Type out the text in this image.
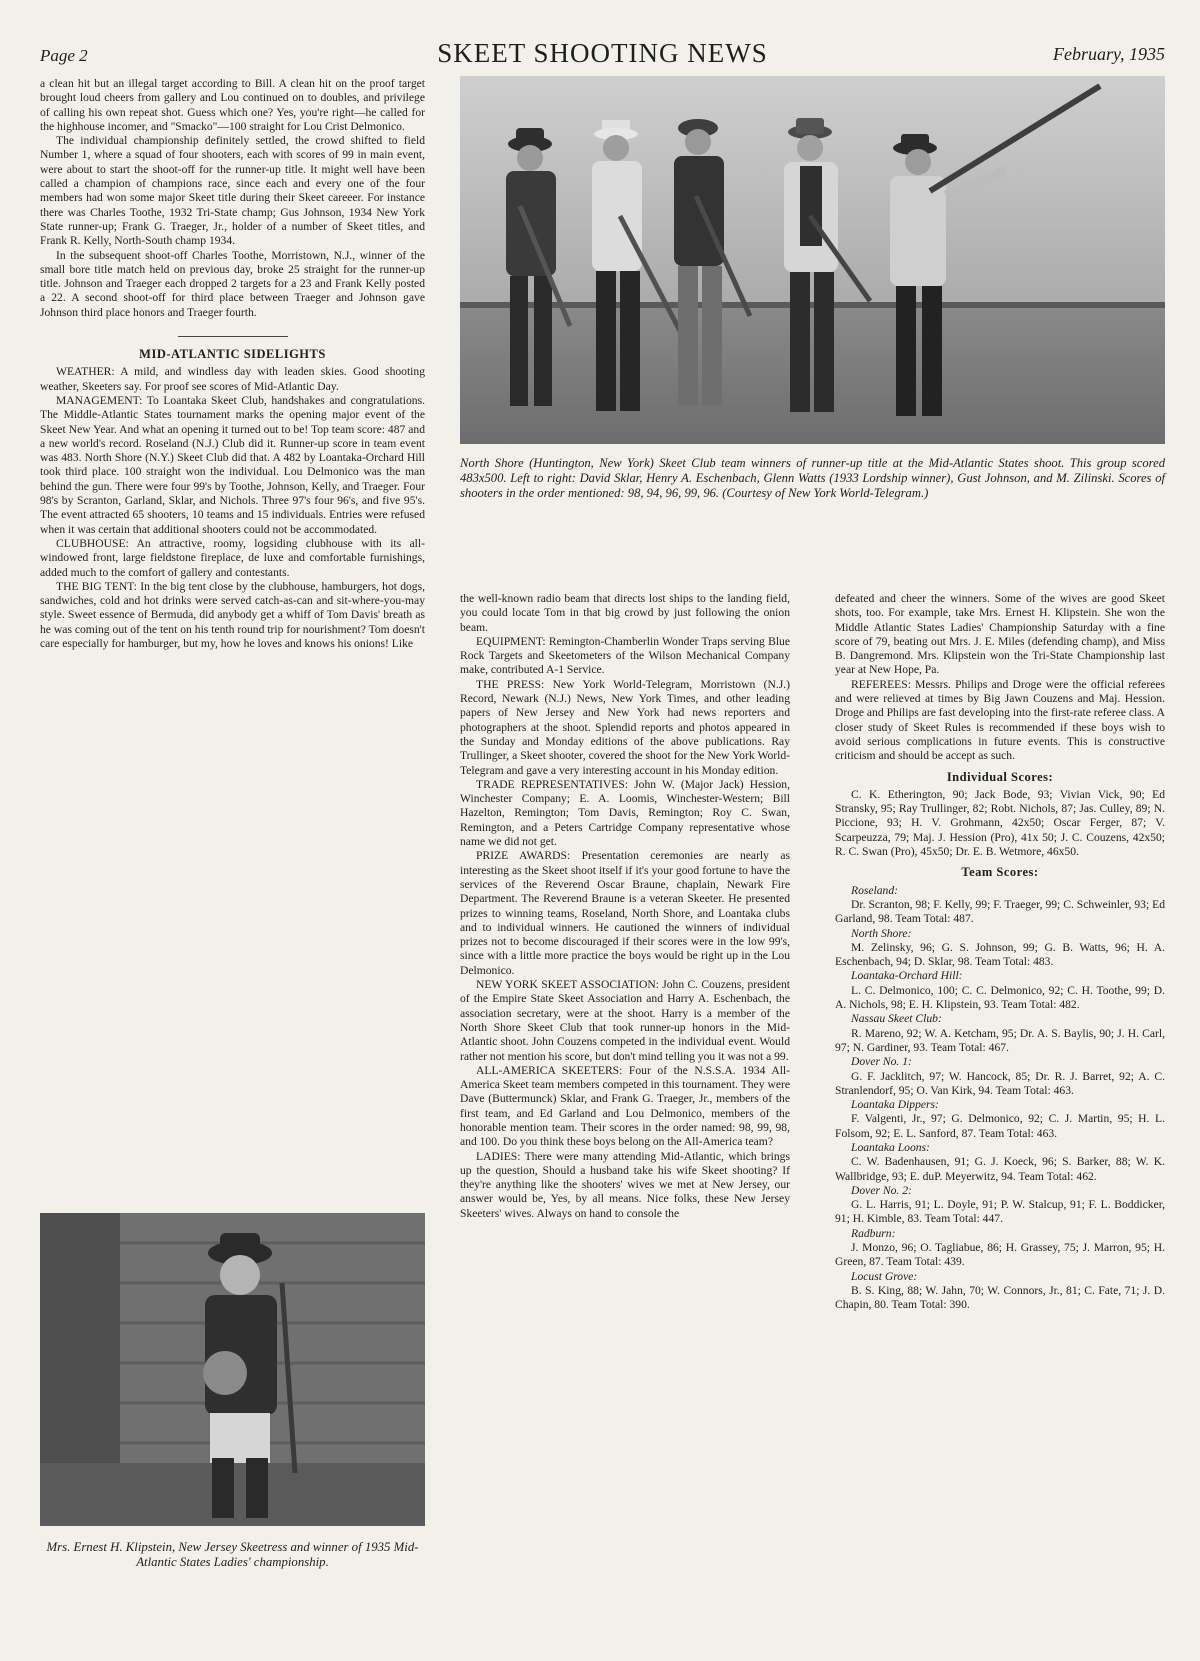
Page 2	SKEET SHOOTING NEWS	February, 1935

a clean hit but an illegal target according to Bill. A clean hit on the proof target brought loud cheers from gallery and Lou continued on to doubles, and privilege of calling his own repeat shot. Guess which one? Yes, you're right—he called for the highhouse incomer, and "Smacko"—100 straight for Lou Crist Delmonico.

The individual championship definitely settled, the crowd shifted to field Number 1, where a squad of four shooters, each with scores of 99 in main event, were about to start the shoot-off for the runner-up title. It might well have been called a champion of champions race, since each and every one of the four members had won some major Skeet title during their Skeet careeer. For instance there was Charles Toothe, 1932 Tri-State champ; Gus Johnson, 1934 New York State runner-up; Frank G. Traeger, Jr., holder of a number of Skeet titles, and Frank R. Kelly, North-South champ 1934.

In the subsequent shoot-off Charles Toothe, Morristown, N.J., winner of the small bore title match held on previous day, broke 25 straight for the runner-up title. Johnson and Traeger each dropped 2 targets for a 23 and Frank Kelly posted a 22. A second shoot-off for third place between Traeger and Johnson gave Johnson third place honors and Traeger fourth.

MID-ATLANTIC SIDELIGHTS

WEATHER: A mild, and windless day with leaden skies. Good shooting weather, Skeeters say. For proof see scores of Mid-Atlantic Day.

MANAGEMENT: To Loantaka Skeet Club, handshakes and congratulations. The Middle-Atlantic States tournament marks the opening major event of the Skeet New Year. And what an opening it turned out to be! Top team score: 487 and a new world's record. Roseland (N.J.) Club did it. Runner-up score in team event was 483. North Shore (N.Y.) Skeet Club did that. A 482 by Loantaka-Orchard Hill took third place. 100 straight won the individual. Lou Delmonico was the man behind the gun. There were four 99's by Toothe, Johnson, Kelly, and Traeger. Four 98's by Scranton, Garland, Sklar, and Nichols. Three 97's four 96's, and five 95's. The event attracted 65 shooters, 10 teams and 15 individuals. Entries were refused when it was certain that additional shooters could not be accommodated.

CLUBHOUSE: An attractive, roomy, logsiding clubhouse with its all-windowed front, large fieldstone fireplace, de luxe and comfortable furnishings, added much to the comfort of gallery and contestants.

THE BIG TENT: In the big tent close by the clubhouse, hamburgers, hot dogs, sandwiches, cold and hot drinks were served catch-as-can and sit-where-you-may style. Sweet essence of Bermuda, did anybody get a whiff of Tom Davis' breath as he was coming out of the tent on his tenth round trip for nourishment? Tom doesn't care especially for hamburger, but my, how he loves and knows his onions! Like

North Shore (Huntington, New York) Skeet Club team winners of runner-up title at the Mid-Atlantic States shoot. This group scored 483x500. Left to right: David Sklar, Henry A. Eschenbach, Glenn Watts (1933 Lordship winner), Gust Johnson, and M. Zilinski. Scores of shooters in the order mentioned: 98, 94, 96, 99, 96. (Courtesy of New York World-Telegram.)
Mrs. Ernest H. Klipstein, New Jersey Skeetress and winner of 1935 Mid-Atlantic States Ladies' championship.

the well-known radio beam that directs lost ships to the landing field, you could locate Tom in that big crowd by just following the onion beam.

EQUIPMENT: Remington-Chamberlin Wonder Traps serving Blue Rock Targets and Skeetometers of the Wilson Mechanical Company make, contributed A-1 Service.

THE PRESS: New York World-Telegram, Morristown (N.J.) Record, Newark (N.J.) News, New York Times, and other leading papers of New Jersey and New York had news reporters and photographers at the shoot. Splendid reports and photos appeared in the Sunday and Monday editions of the above publications. Ray Trullinger, a Skeet shooter, covered the shoot for the New York World-Telegram and gave a very interesting account in his Monday edition.

TRADE REPRESENTATIVES: John W. (Major Jack) Hession, Winchester Company; E. A. Loomis, Winchester-Western; Bill Hazelton, Remington; Tom Davis, Remington; Roy C. Swan, Remington, and a Peters Cartridge Company representative whose name we did not get.

PRIZE AWARDS: Presentation ceremonies are nearly as interesting as the Skeet shoot itself if it's your good fortune to have the services of the Reverend Oscar Braune, chaplain, Newark Fire Department. The Reverend Braune is a veteran Skeeter. He presented prizes to winning teams, Roseland, North Shore, and Loantaka clubs and to individual winners. He cautioned the winners of individual prizes not to become discouraged if their scores were in the low 99's, since with a little more practice the boys would be right up in the Lou Delmonico.

NEW YORK SKEET ASSOCIATION: John C. Couzens, president of the Empire State Skeet Association and Harry A. Eschenbach, the association secretary, were at the shoot. Harry is a member of the North Shore Skeet Club that took runner-up honors in the Mid-Atlantic shoot. John Couzens competed in the individual event. Would rather not mention his score, but don't mind telling you it was not a 99.

ALL-AMERICA SKEETERS: Four of the N.S.S.A. 1934 All-America Skeet team members competed in this tournament. They were Dave (Buttermunck) Sklar, and Frank G. Traeger, Jr., members of the first team, and Ed Garland and Lou Delmonico, members of the honorable mention team. Their scores in the order named: 98, 99, 98, and 100. Do you think these boys belong on the All-America team?

LADIES: There were many attending Mid-Atlantic, which brings up the question, Should a husband take his wife Skeet shooting? If they're anything like the shooters' wives we met at New Jersey, our answer would be, Yes, by all means. Nice folks, these New Jersey Skeeters' wives. Always on hand to console the

defeated and cheer the winners. Some of the wives are good Skeet shots, too. For example, take Mrs. Ernest H. Klipstein. She won the Middle Atlantic States Ladies' Championship Saturday with a fine score of 79, beating out Mrs. J. E. Miles (defending champ), and Miss B. Dangremond. Mrs. Klipstein won the Tri-State Championship last year at New Hope, Pa.

REFEREES: Messrs. Philips and Droge were the official referees and were relieved at times by Big Jawn Couzens and Maj. Hession. Droge and Philips are fast developing into the first-rate referee class. A closer study of Skeet Rules is recommended if these boys wish to avoid serious complications in future events. This is constructive criticism and should be accept as such.

Individual Scores:

C. K. Etherington, 90; Jack Bode, 93; Vivian Vick, 90; Ed Stransky, 95; Ray Trullinger, 82; Robt. Nichols, 87; Jas. Culley, 89; N. Piccione, 93; H. V. Grohmann, 42x50; Oscar Ferger, 87; V. Scarpeuzza, 79; Maj. J. Hession (Pro), 41x 50; J. C. Couzens, 42x50; R. C. Swan (Pro), 45x50; Dr. E. B. Wetmore, 46x50.

Team Scores:

Roseland:

Dr. Scranton, 98; F. Kelly, 99; F. Traeger, 99; C. Schweinler, 93; Ed Garland, 98. Team Total: 487.

North Shore:

M. Zelinsky, 96; G. S. Johnson, 99; G. B. Watts, 96; H. A. Eschenbach, 94; D. Sklar, 98. Team Total: 483.

Loantaka-Orchard Hill:

L. C. Delmonico, 100; C. C. Delmonico, 92; C. H. Toothe, 99; D. A. Nichols, 98; E. H. Klipstein, 93. Team Total: 482.

Nassau Skeet Club:

R. Mareno, 92; W. A. Ketcham, 95; Dr. A. S. Baylis, 90; J. H. Carl, 97; N. Gardiner, 93. Team Total: 467.

Dover No. 1:

G. F. Jacklitch, 97; W. Hancock, 85; Dr. R. J. Barret, 92; A. C. Stranlendorf, 95; O. Van Kirk, 94. Team Total: 463.

Loantaka Dippers:

F. Valgenti, Jr., 97; G. Delmonico, 92; C. J. Martin, 95; H. L. Folsom, 92; E. L. Sanford, 87. Team Total: 463.

Loantaka Loons:

C. W. Badenhausen, 91; G. J. Koeck, 96; S. Barker, 88; W. K. Wallbridge, 93; E. duP. Meyerwitz, 94. Team Total: 462.

Dover No. 2:

G. L. Harris, 91; L. Doyle, 91; P. W. Stalcup, 91; F. L. Boddicker, 91; H. Kimble, 83. Team Total: 447.

Radburn:

J. Monzo, 96; O. Tagliabue, 86; H. Grassey, 75; J. Marron, 95; H. Green, 87. Team Total: 439.

Locust Grove:

B. S. King, 88; W. Jahn, 70; W. Connors, Jr., 81; C. Fate, 71; J. D. Chapin, 80. Team Total: 390.
